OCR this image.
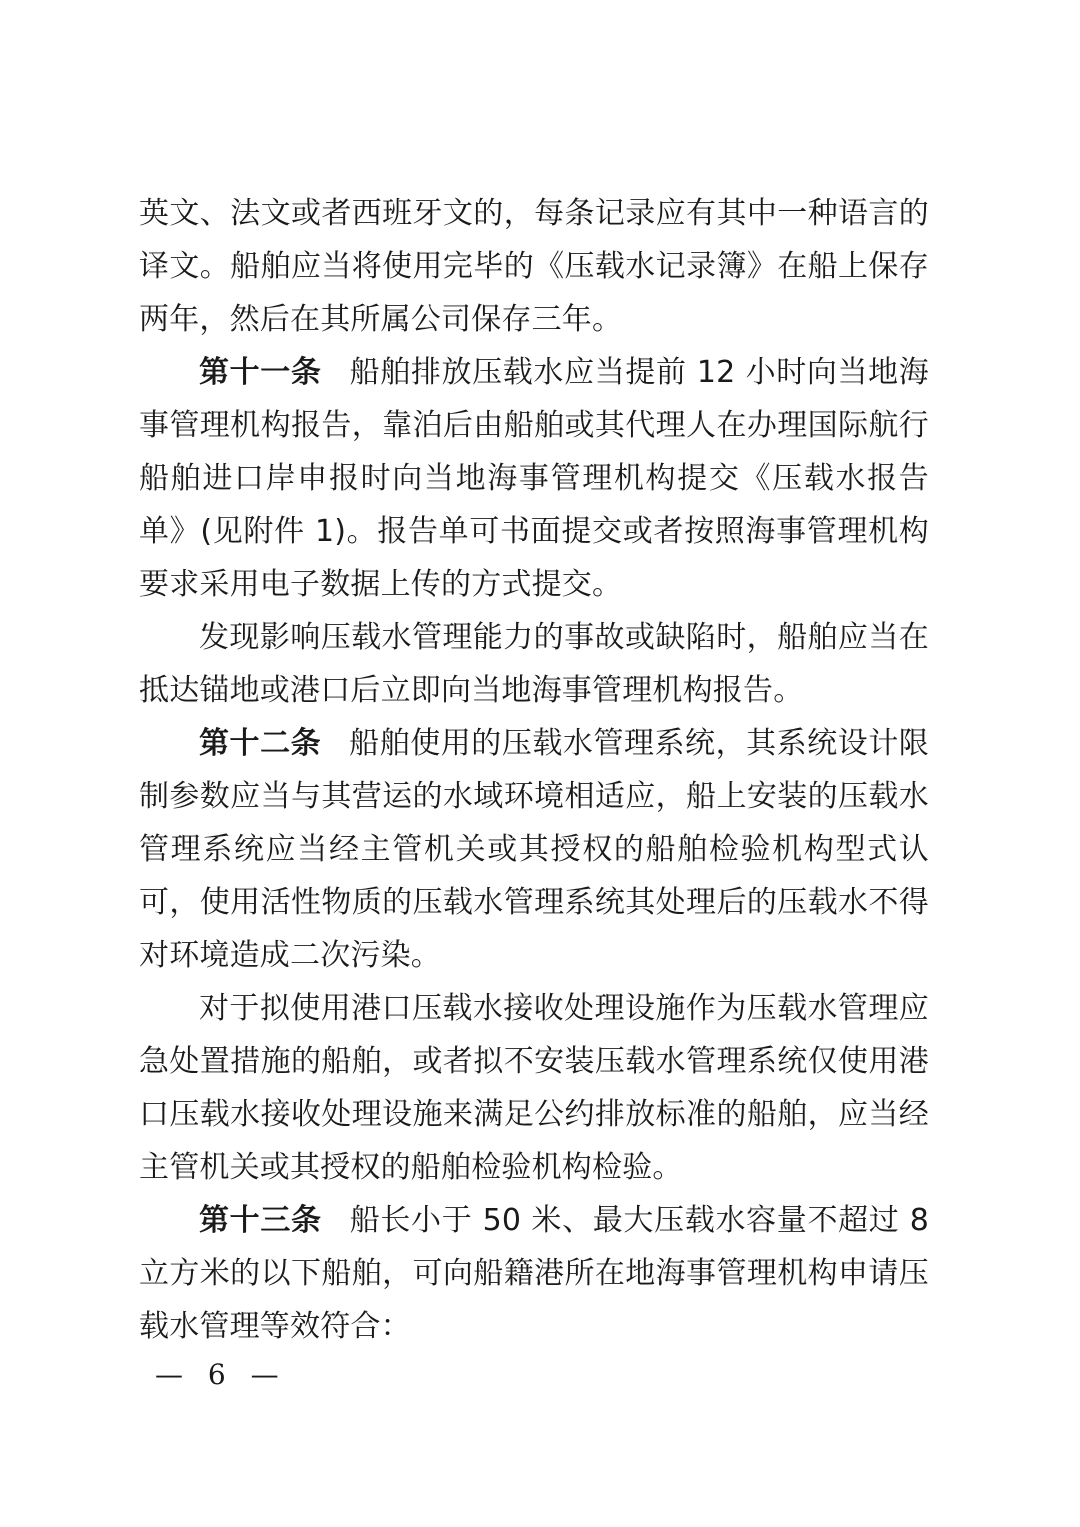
英文、法文或者西班牙文的，每条记录应有其中一种语言的译文。船舶应当将使用完毕的《压载水记录簿》在船上保存两年，然后在其所属公司保存三年。

第十一条 船舶排放压载水应当提前 12 小时向当地海事管理机构报告，靠泊后由船舶或其代理人在办理国际航行船舶进口岸申报时向当地海事管理机构提交《压载水报告单》(见附件 1)。报告单可书面提交或者按照海事管理机构要求采用电子数据上传的方式提交。

发现影响压载水管理能力的事故或缺陷时，船舶应当在抵达锚地或港口后立即向当地海事管理机构报告。

第十二条 船舶使用的压载水管理系统，其系统设计限制参数应当与其营运的水域环境相适应，船上安装的压载水管理系统应当经主管机关或其授权的船舶检验机构型式认可，使用活性物质的压载水管理系统其处理后的压载水不得对环境造成二次污染。

对于拟使用港口压载水接收处理设施作为压载水管理应急处置措施的船舶，或者拟不安装压载水管理系统仅使用港口压载水接收处理设施来满足公约排放标准的船舶，应当经主管机关或其授权的船舶检验机构检验。

第十三条 船长小于 50 米、最大压载水容量不超过 8 立方米的以下船舶，可向船籍港所在地海事管理机构申请压载水管理等效符合：

— 6 —
